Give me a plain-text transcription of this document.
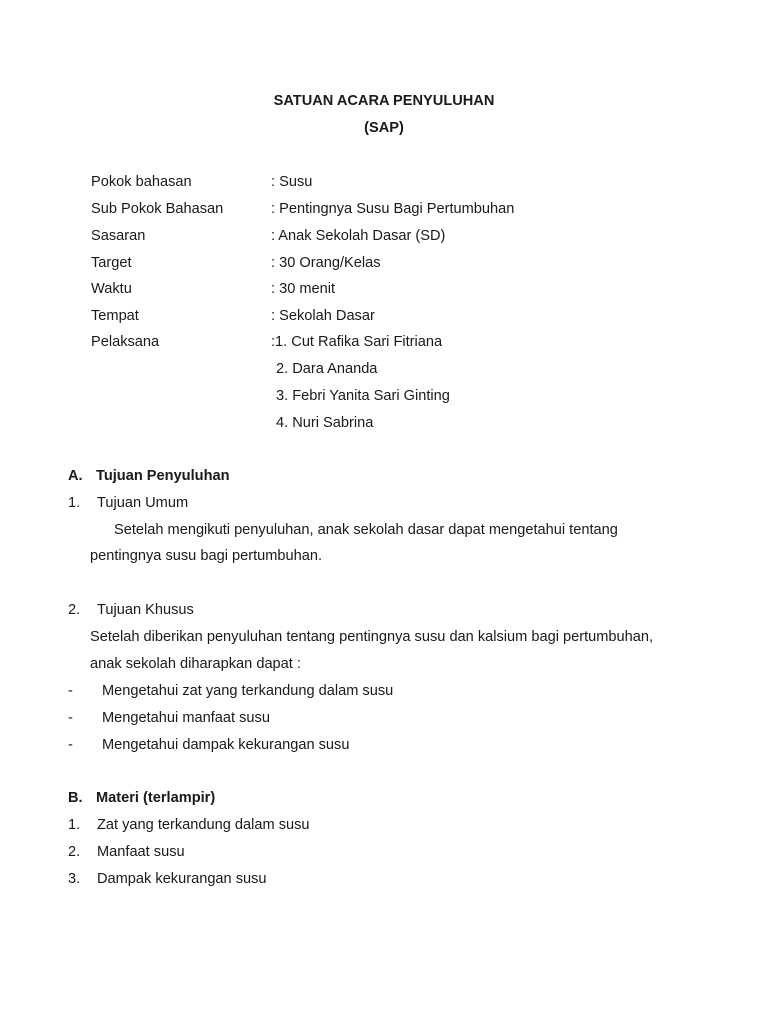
SATUAN ACARA PENYULUHAN
(SAP)
Pokok bahasan	: Susu
Sub Pokok Bahasan	: Pentingnya Susu Bagi Pertumbuhan
Sasaran	: Anak Sekolah Dasar (SD)
Target	: 30 Orang/Kelas
Waktu	: 30 menit
Tempat	: Sekolah Dasar
Pelaksana	:1. Cut Rafika Sari Fitriana
2. Dara Ananda
3. Febri Yanita Sari Ginting
4. Nuri Sabrina
A. Tujuan Penyuluhan
1. Tujuan Umum
Setelah mengikuti penyuluhan, anak sekolah dasar dapat mengetahui tentang
pentingnya susu bagi pertumbuhan.
2. Tujuan Khusus
Setelah diberikan penyuluhan tentang pentingnya susu dan kalsium bagi pertumbuhan,
anak sekolah diharapkan dapat :
- Mengetahui zat yang terkandung dalam susu
- Mengetahui manfaat susu
- Mengetahui dampak kekurangan susu
B. Materi (terlampir)
1. Zat yang terkandung dalam susu
2. Manfaat susu
3. Dampak kekurangan susu
